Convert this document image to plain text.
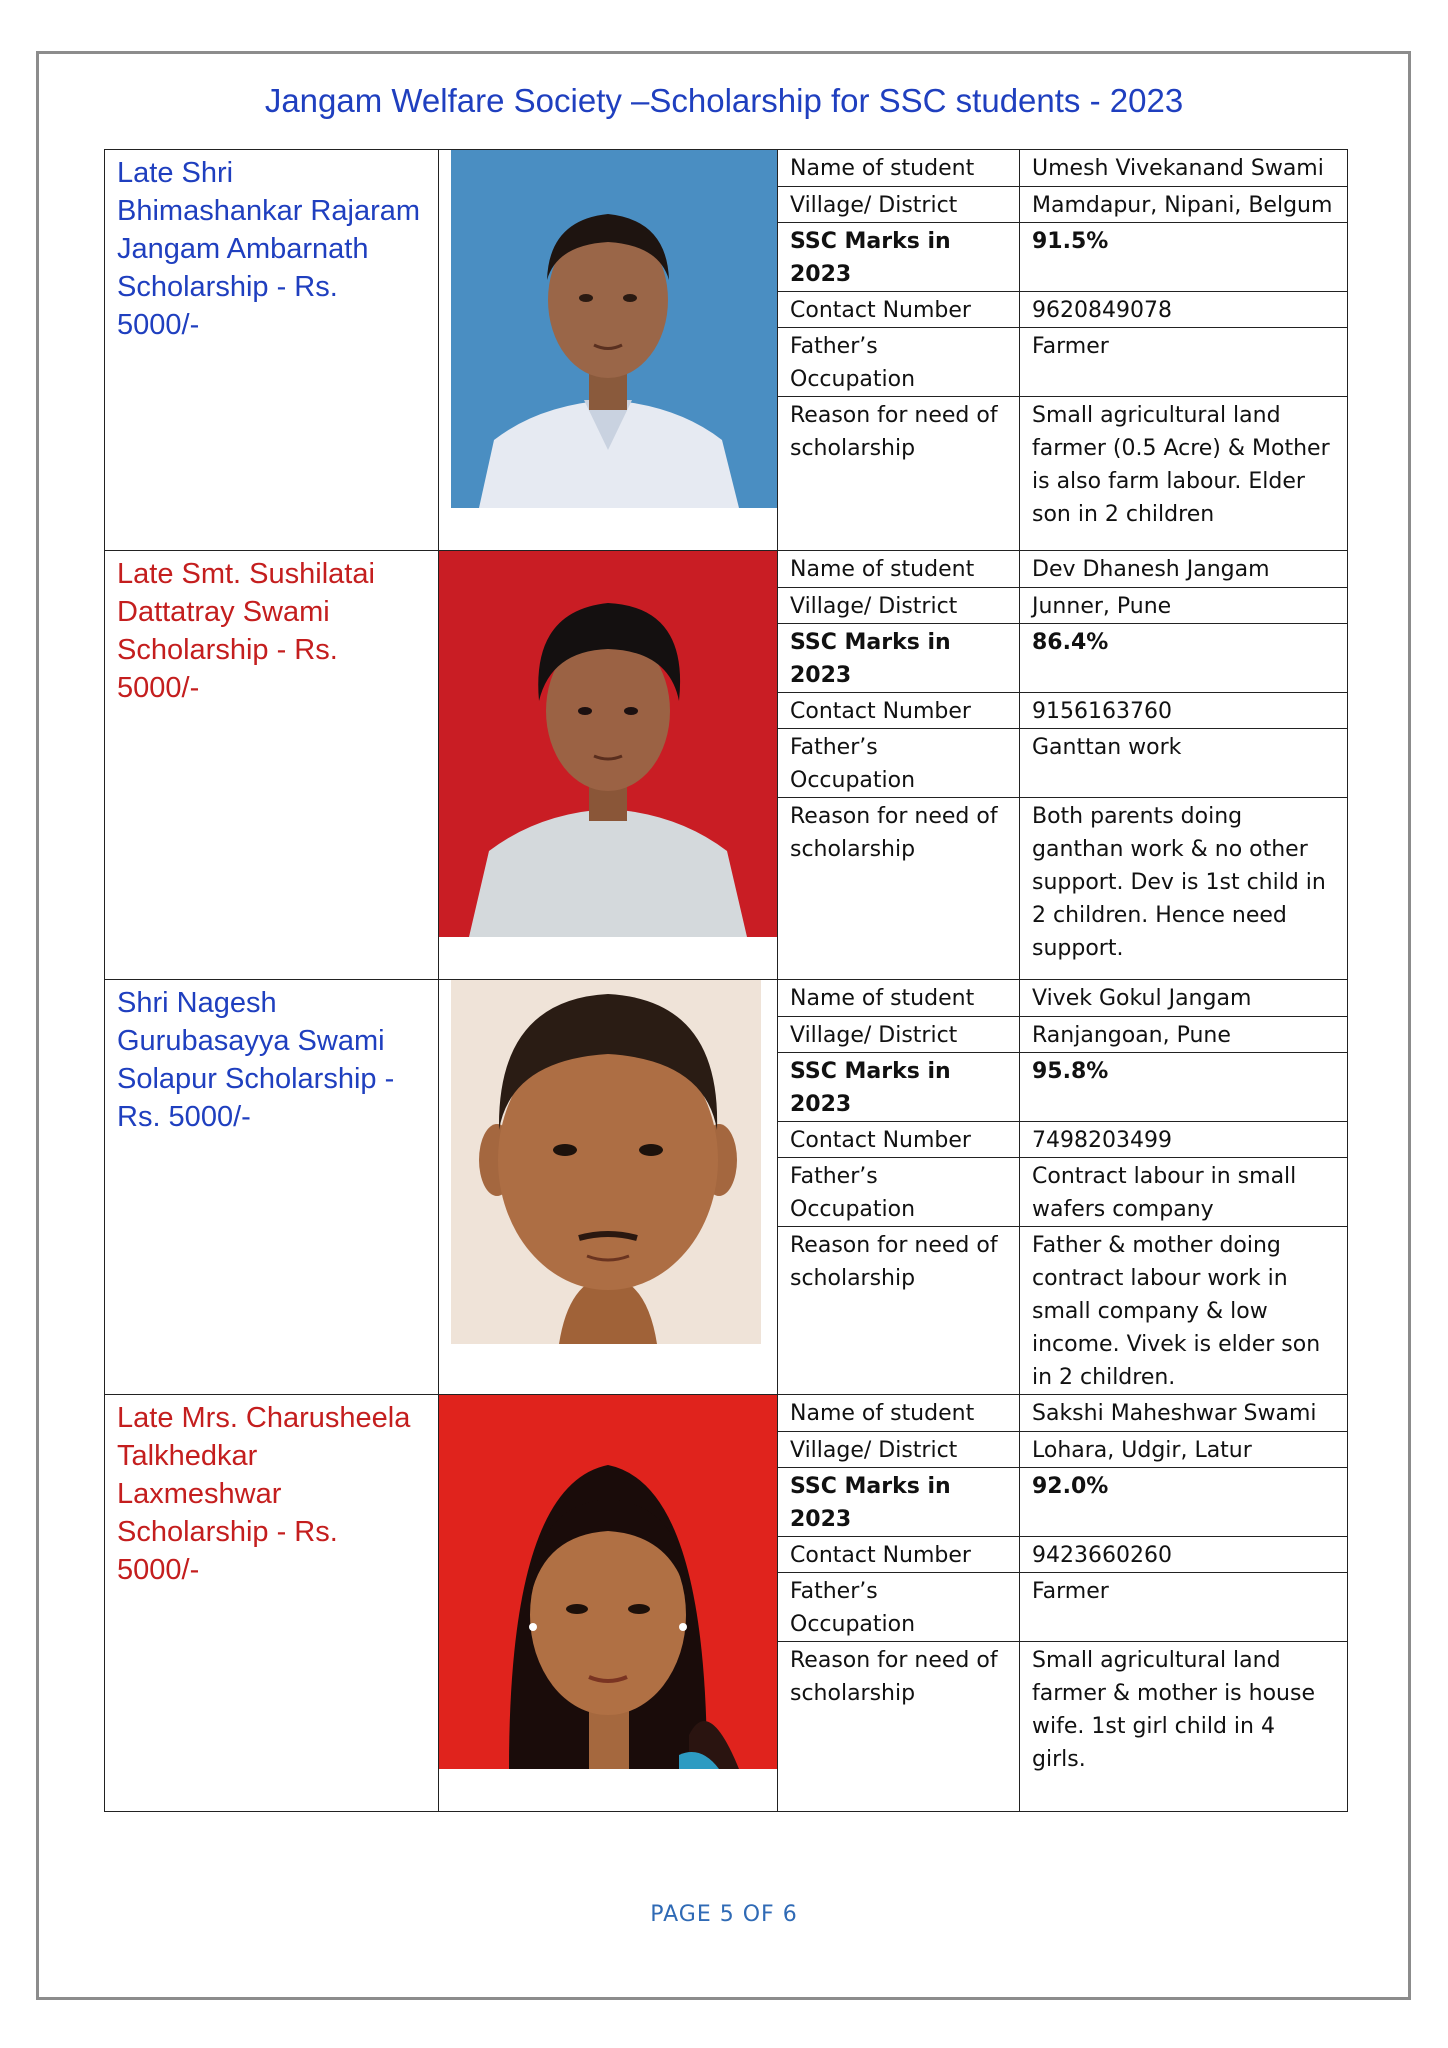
Jangam Welfare Society –Scholarship for SSC students - 2023
Late Shri Bhimashankar Rajaram Jangam Ambarnath Scholarship - Rs. 5000/-		
Name of student	Umesh Vivekanand Swami
Village/ District	Mamdapur, Nipani, Belgum
SSC Marks in 2023	91.5%
Contact Number	9620849078
Father’s Occupation	Farmer
Reason for need of scholarship	Small agricultural land farmer (0.5 Acre) & Mother is also farm labour. Elder son in 2 children

Late Smt. Sushilatai Dattatray Swami Scholarship - Rs. 5000/-		
Name of student	Dev Dhanesh Jangam
Village/ District	Junner, Pune
SSC Marks in 2023	86.4%
Contact Number	9156163760
Father’s Occupation	Ganttan work
Reason for need of scholarship	Both parents doing ganthan work & no other support. Dev is 1st child in 2 children. Hence need support.

Shri Nagesh Gurubasayya Swami Solapur Scholarship - Rs. 5000/-		
Name of student	Vivek Gokul Jangam
Village/ District	Ranjangoan, Pune
SSC Marks in 2023	95.8%
Contact Number	7498203499
Father’s Occupation	Contract labour in small wafers company
Reason for need of scholarship	Father & mother doing contract labour work in small company & low income. Vivek is elder son in 2 children.

Late Mrs. Charusheela Talkhedkar Laxmeshwar Scholarship - Rs. 5000/-		
Name of student	Sakshi Maheshwar Swami
Village/ District	Lohara, Udgir, Latur
SSC Marks in 2023	92.0%
Contact Number	9423660260
Father’s Occupation	Farmer
Reason for need of scholarship	Small agricultural land farmer & mother is house wife. 1st girl child in 4 girls.
PAGE 5 OF 6
